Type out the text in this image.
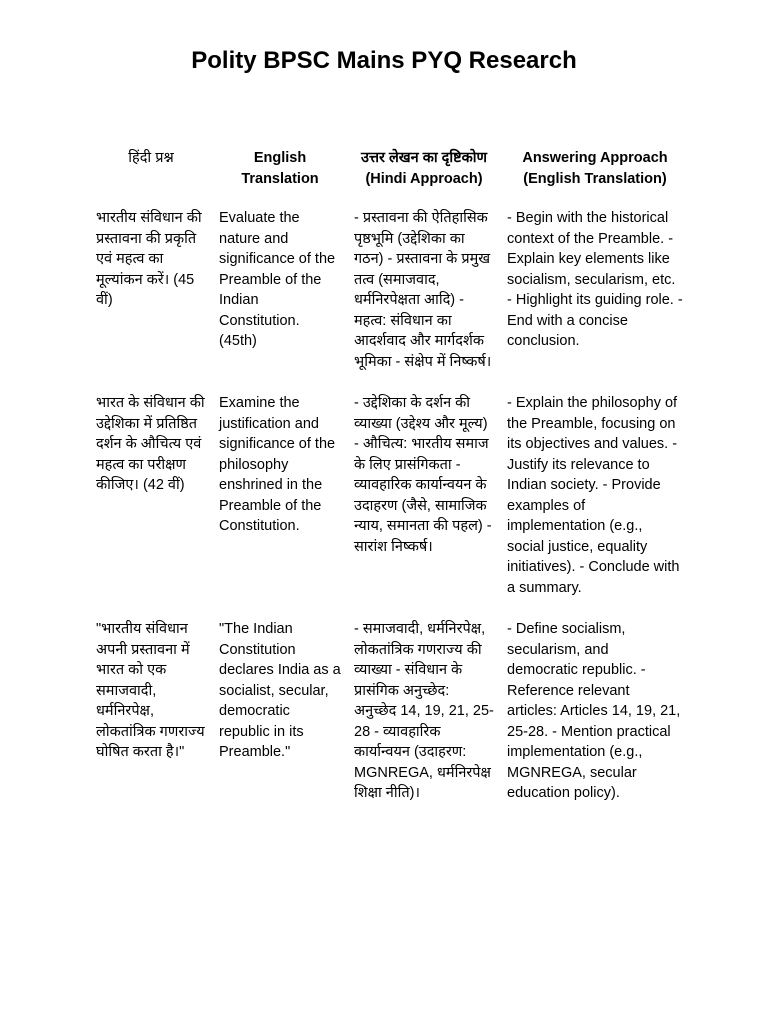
Polity BPSC Mains PYQ Research
हिंदी प्रश्न	English Translation	उत्तर लेखन का दृष्टिकोण (Hindi Approach)	Answering Approach (English Translation)
भारतीय संविधान की प्रस्तावना की प्रकृति एवं महत्व का मूल्यांकन करें। (45 वीं)	Evaluate the nature and significance of the Preamble of the Indian Constitution. (45th)	- प्रस्तावना की ऐतिहासिक पृष्ठभूमि (उद्देशिका का गठन) - प्रस्तावना के प्रमुख तत्व (समाजवाद, धर्मनिरपेक्षता आदि) - महत्व: संविधान का आदर्शवाद और मार्गदर्शक भूमिका - संक्षेप में निष्कर्ष।	- Begin with the historical context of the Preamble. - Explain key elements like socialism, secularism, etc. - Highlight its guiding role. - End with a concise conclusion.
भारत के संविधान की उद्देशिका में प्रतिष्ठित दर्शन के औचित्य एवं महत्व का परीक्षण कीजिए। (42 वीं)	Examine the justification and significance of the philosophy enshrined in the Preamble of the Constitution.	- उद्देशिका के दर्शन की व्याख्या (उद्देश्य और मूल्य) - औचित्य: भारतीय समाज के लिए प्रासंगिकता - व्यावहारिक कार्यान्वयन के उदाहरण (जैसे, सामाजिक न्याय, समानता की पहल) - सारांश निष्कर्ष।	- Explain the philosophy of the Preamble, focusing on its objectives and values. - Justify its relevance to Indian society. - Provide examples of implementation (e.g., social justice, equality initiatives). - Conclude with a summary.
"भारतीय संविधान अपनी प्रस्तावना में भारत को एक समाजवादी, धर्मनिरपेक्ष, लोकतांत्रिक गणराज्य घोषित करता है।"	"The Indian Constitution declares India as a socialist, secular, democratic republic in its Preamble."	- समाजवादी, धर्मनिरपेक्ष, लोकतांत्रिक गणराज्य की व्याख्या - संविधान के प्रासंगिक अनुच्छेद: अनुच्छेद 14, 19, 21, 25-28 - व्यावहारिक कार्यान्वयन (उदाहरण: MGNREGA, धर्मनिरपेक्ष शिक्षा नीति)।	- Define socialism, secularism, and democratic republic. - Reference relevant articles: Articles 14, 19, 21, 25-28. - Mention practical implementation (e.g., MGNREGA, secular education policy).
